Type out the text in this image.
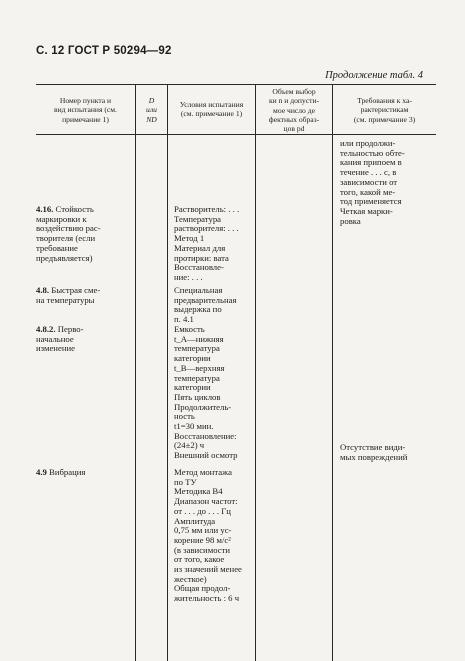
С. 12 ГОСТ Р 50294—92
Продолжение табл. 4
Номер пункта и
вид испытания (см.
примечание 1)
D
или
ND
Условия испытания
(см. примечание 1)
Объем выбор
ки n и допусти-
мое число де
фектных образ-
цов pd
Требования к ха-
рактеристикам
(см. примечание 3)
или продолжи-
тельностью обте-
кания припоем в
течение . . . с, в
зависимости от
того, какой ме-
тод применяется
Четкая марки-
ровка
4.16. Стойкость
маркировки к
воздействию рас-
творителя (если
требование
предъявляется)
Растворитель: . . .
Температура
растворителя: . . .
Метод 1
Материал для
протирки: вата
Восстановле-
ние: . . .
4.8. Быстрая сме-
на температуры
Специальная
предварительная
выдержка по
п. 4.1
4.8.2. Перво-
начальное
изменение
Емкость
t_A—нижняя
температура
категории
t_B—верхняя
температура
категории
Пять циклов
Продолжитель-
ность
t1=30 мин.
Восстановление:
(24±2) ч
Внешний осмотр
Отсутствие види-
мых повреждений
4.9 Вибрация	Метод монтажа
по ТУ
Методика В4
Диапазон частот:
от . . . до . . . Гц
Амплитуда
0,75 мм или ус-
корение 98 м/с²
(в зависимости
от того, какое
из значений менее
жесткое)
Общая продол-
жительность : 6 ч
